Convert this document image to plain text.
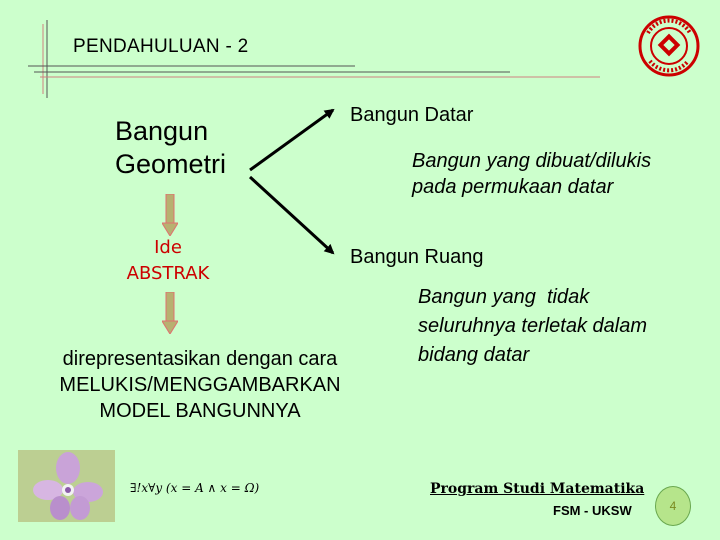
PENDAHULUAN - 2
Bangun
Geometri
Ide
ABSTRAK
direpresentasikan dengan cara
MELUKIS/MENGGAMBARKAN
MODEL BANGUNNYA
Bangun Datar
Bangun yang dibuat/dilukis
pada permukaan datar
Bangun Ruang
Bangun yang  tidak
seluruhnya terletak dalam
bidang datar
∃!x∀y (x = A ∧ x = Ω)	Program Studi Matematika
FSM - UKSW	4
